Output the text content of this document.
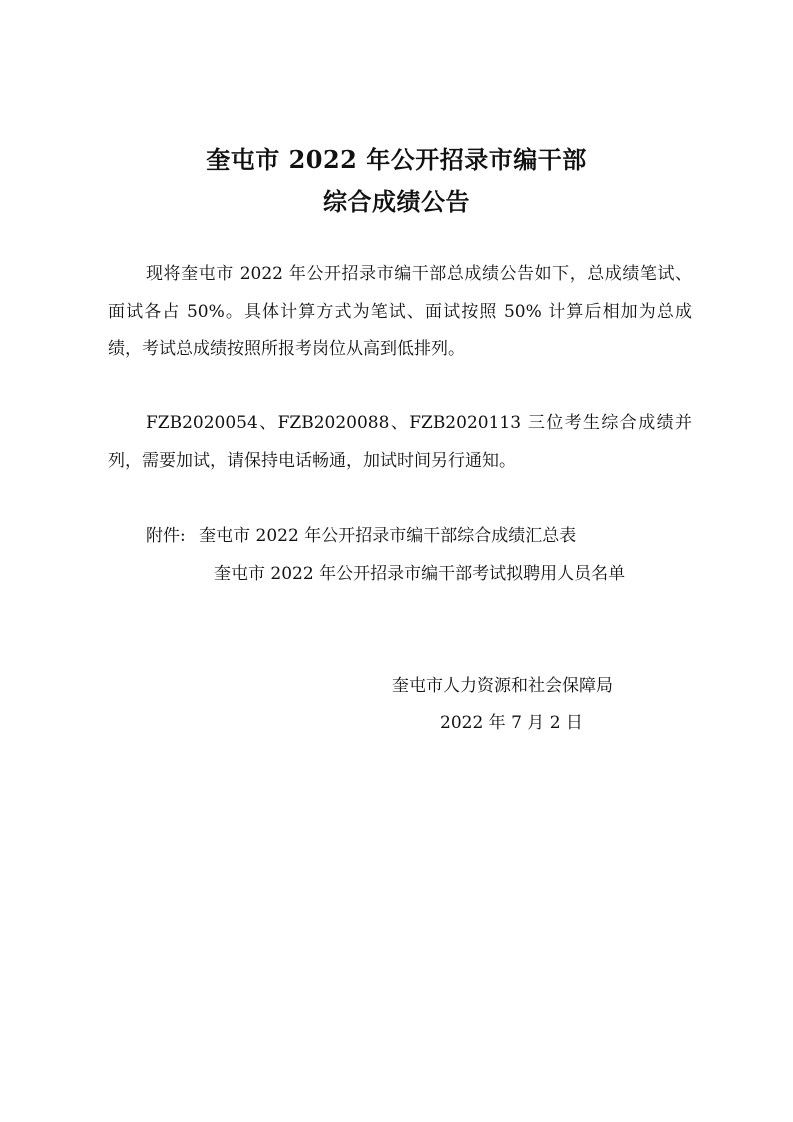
奎屯市 2022 年公开招录市编干部
综合成绩公告

现将奎屯市 2022 年公开招录市编干部总成绩公告如下，总成绩笔试、面试各占 50%。具体计算方式为笔试、面试按照 50% 计算后相加为总成绩，考试总成绩按照所报考岗位从高到低排列。

FZB2020054、FZB2020088、FZB2020113 三位考生综合成绩并列，需要加试，请保持电话畅通，加试时间另行通知。

附件: 奎屯市 2022 年公开招录市编干部综合成绩汇总表
奎屯市 2022 年公开招录市编干部考试拟聘用人员名单

奎屯市人力资源和社会保障局

2022 年 7 月 2 日
